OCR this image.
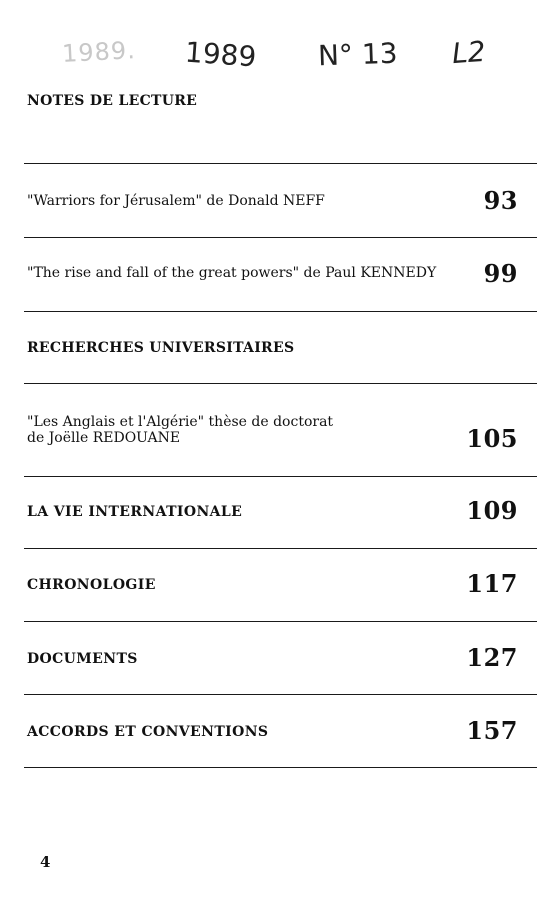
1989. 1989 N° 13 L2
NOTES DE LECTURE
"Warriors for Jérusalem" de Donald NEFF	93
"The rise and fall of the great powers" de Paul KENNEDY 99
RECHERCHES UNIVERSITAIRES
"Les Anglais et l'Algérie" thèse de doctorat
de Joëlle REDOUANE	105
LA VIE INTERNATIONALE	109
CHRONOLOGIE	117
DOCUMENTS	127
ACCORDS ET CONVENTIONS	157
4
